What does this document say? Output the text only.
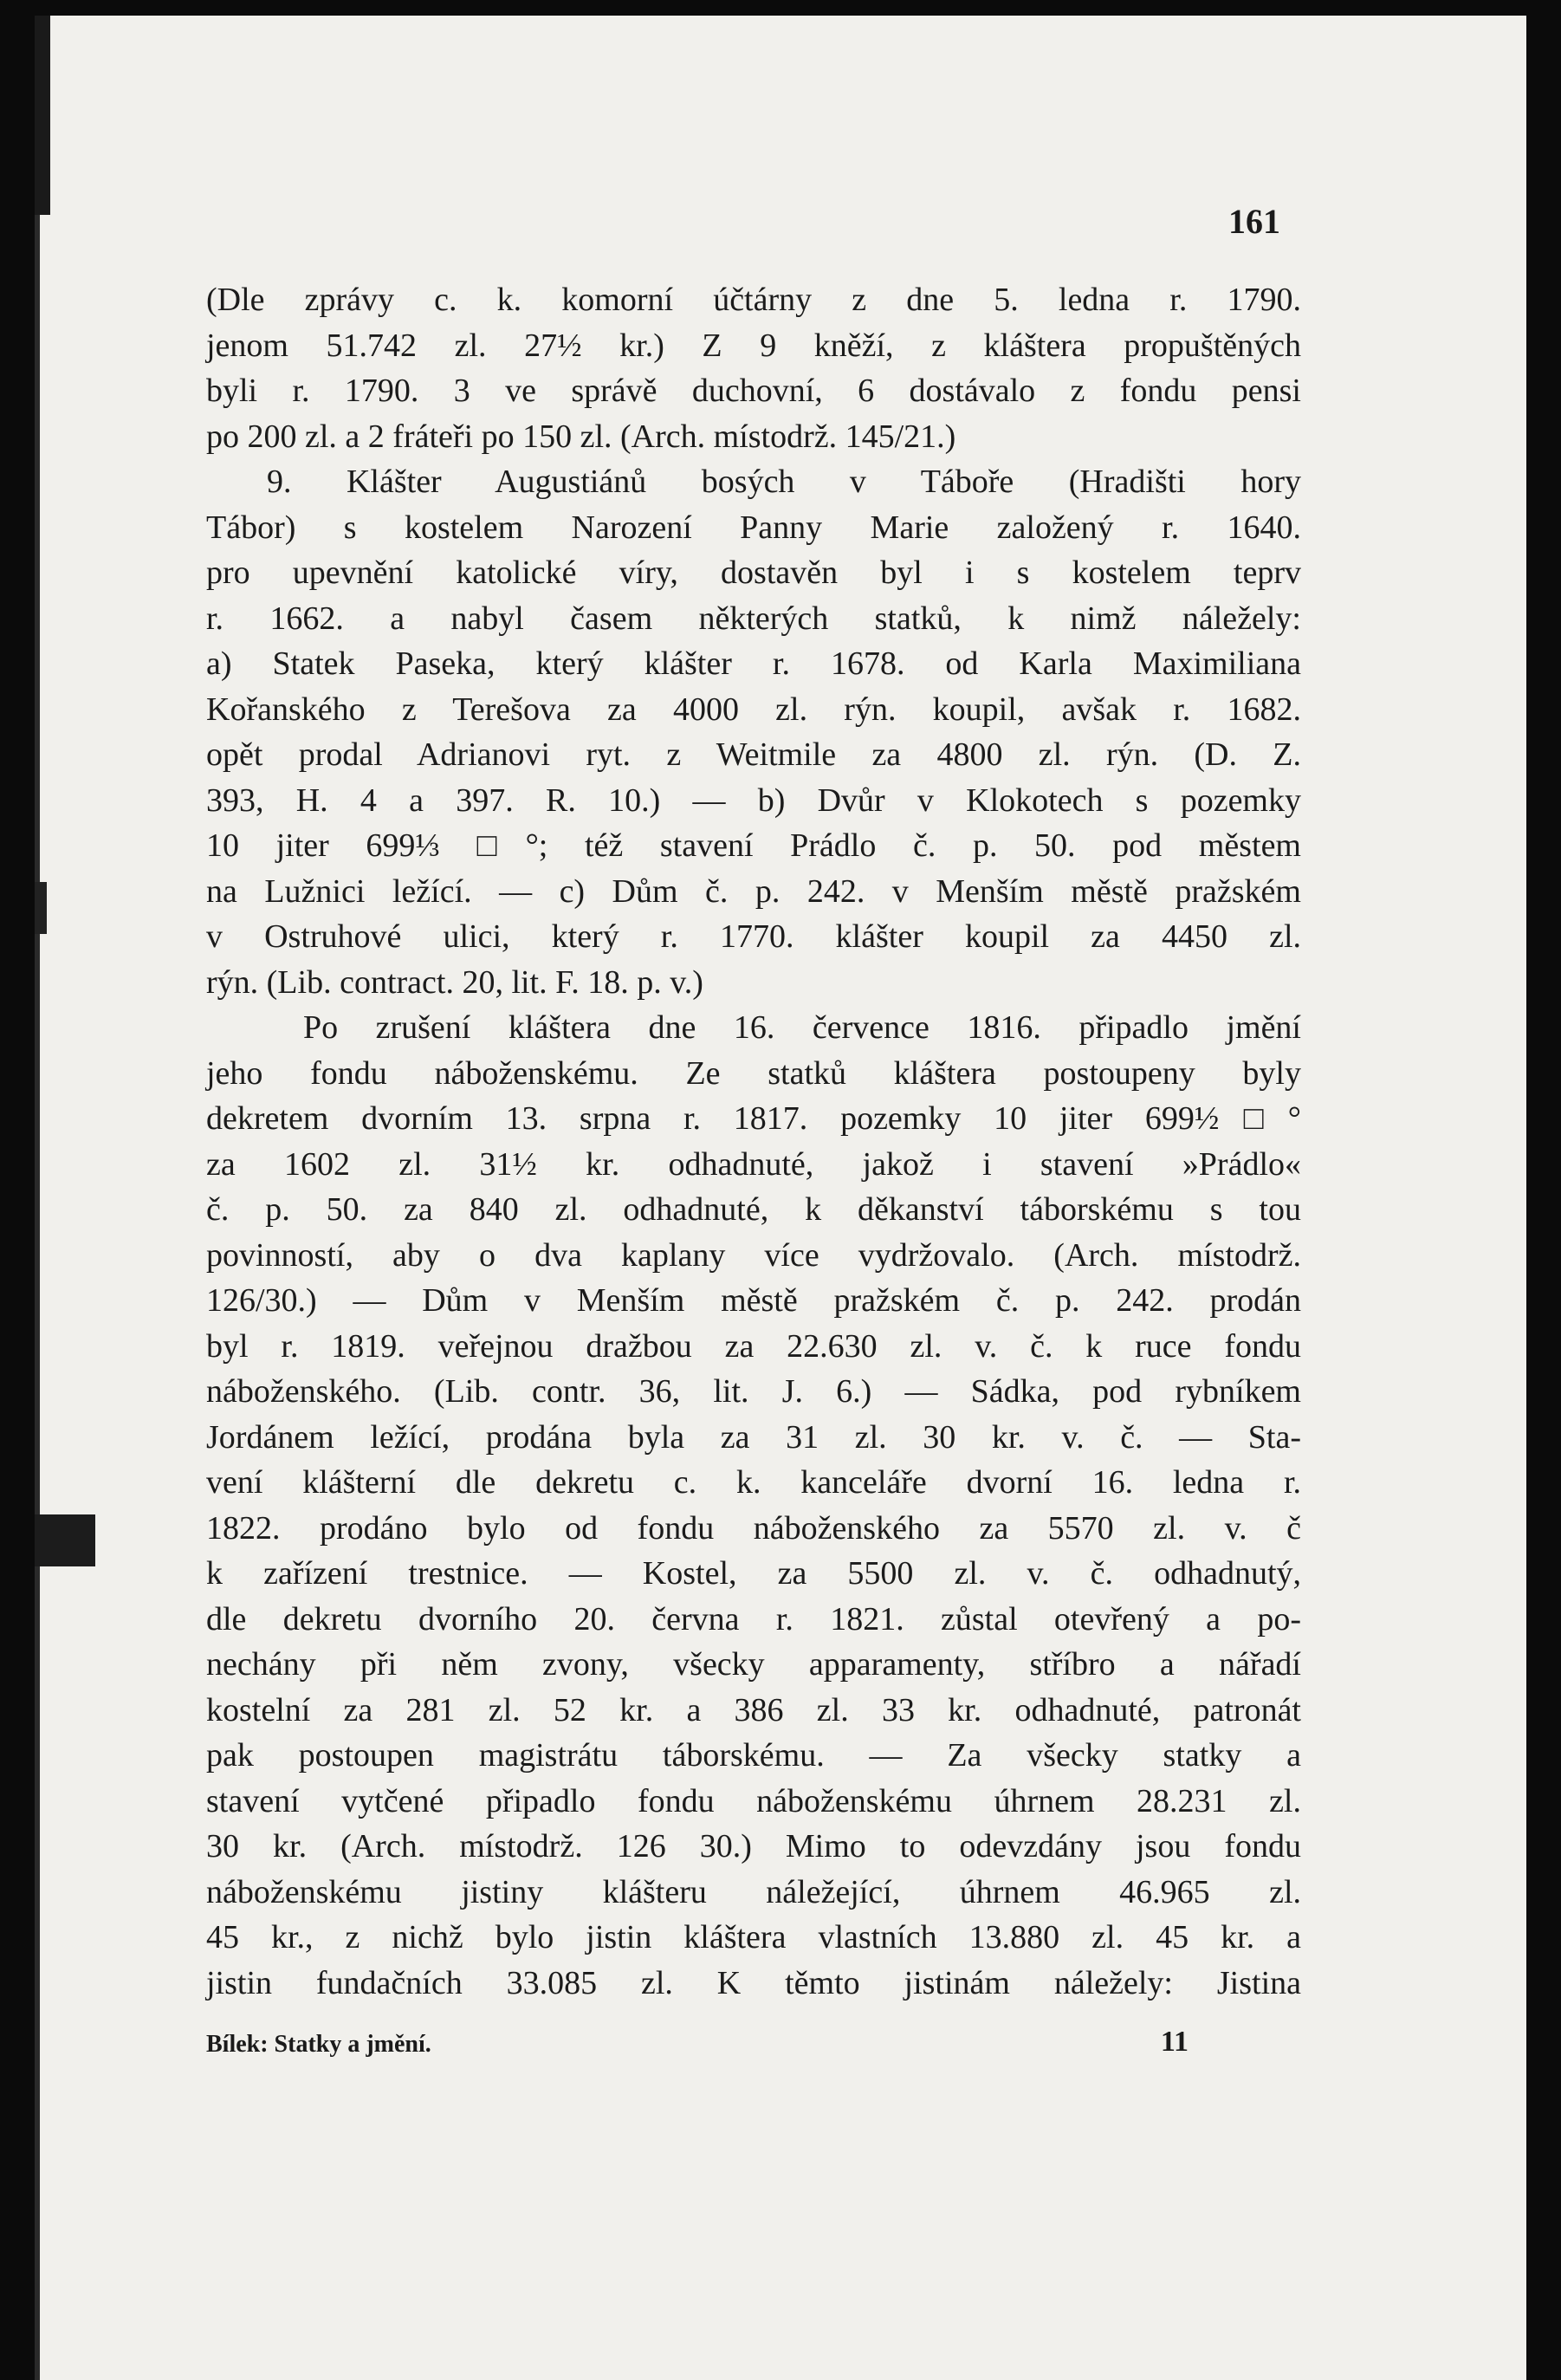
161
(Dle zprávy c. k. komorní účtárny z dne 5. ledna r. 1790.
jenom 51.742 zl. 27½ kr.) Z 9 kněží, z kláštera propuštěných
byli r. 1790. 3 ve správě duchovní, 6 dostávalo z fondu pensi
po 200 zl. a 2 fráteři po 150 zl. (Arch. místodrž. 145/21.)
9. Klášter Augustiánů bosých v Táboře (Hradišti hory
Tábor) s kostelem Narození Panny Marie založený r. 1640.
pro upevnění katolické víry, dostavěn byl i s kostelem teprv
r. 1662. a nabyl časem některých statků, k nimž náležely:
a) Statek Paseka, který klášter r. 1678. od Karla Maximiliana
Kořanského z Terešova za 4000 zl. rýn. koupil, avšak r. 1682.
opět prodal Adrianovi ryt. z Weitmile za 4800 zl. rýn. (D. Z.
393, H. 4 a 397. R. 10.) — b) Dvůr v Klokotech s pozemky
10 jiter 699⅓ □°; též stavení Prádlo č. p. 50. pod městem
na Lužnici ležící. — c) Dům č. p. 242. v Menším městě pražském
v Ostruhové ulici, který r. 1770. klášter koupil za 4450 zl.
rýn. (Lib. contract. 20, lit. F. 18. p. v.)
Po zrušení kláštera dne 16. července 1816. připadlo jmění
jeho fondu náboženskému. Ze statků kláštera postoupeny byly
dekretem dvorním 13. srpna r. 1817. pozemky 10 jiter 699½□°
za 1602 zl. 31½ kr. odhadnuté, jakož i stavení »Prádlo«
č. p. 50. za 840 zl. odhadnuté, k děkanství táborskému s tou
povinností, aby o dva kaplany více vydržovalo. (Arch. místodrž.
126/30.) — Dům v Menším městě pražském č. p. 242. prodán
byl r. 1819. veřejnou dražbou za 22.630 zl. v. č. k ruce fondu
náboženského. (Lib. contr. 36, lit. J. 6.) — Sádka, pod rybníkem
Jordánem ležící, prodána byla za 31 zl. 30 kr. v. č. — Sta-
vení klášterní dle dekretu c. k. kanceláře dvorní 16. ledna r.
1822. prodáno bylo od fondu náboženského za 5570 zl. v. č
k zařízení trestnice. — Kostel, za 5500 zl. v. č. odhadnutý,
dle dekretu dvorního 20. června r. 1821. zůstal otevřený a po-
nechány při něm zvony, všecky apparamenty, stříbro a nářadí
kostelní za 281 zl. 52 kr. a 386 zl. 33 kr. odhadnuté, patronát
pak postoupen magistrátu táborskému. — Za všecky statky a
stavení vytčené připadlo fondu náboženskému úhrnem 28.231 zl.
30 kr. (Arch. místodrž. 126 30.) Mimo to odevzdány jsou fondu
náboženskému jistiny klášteru náležející, úhrnem 46.965 zl.
45 kr., z nichž bylo jistin kláštera vlastních 13.880 zl. 45 kr. a
jistin fundačních 33.085 zl. K těmto jistinám náležely: Jistina
Bílek: Statky a jmění.	11
